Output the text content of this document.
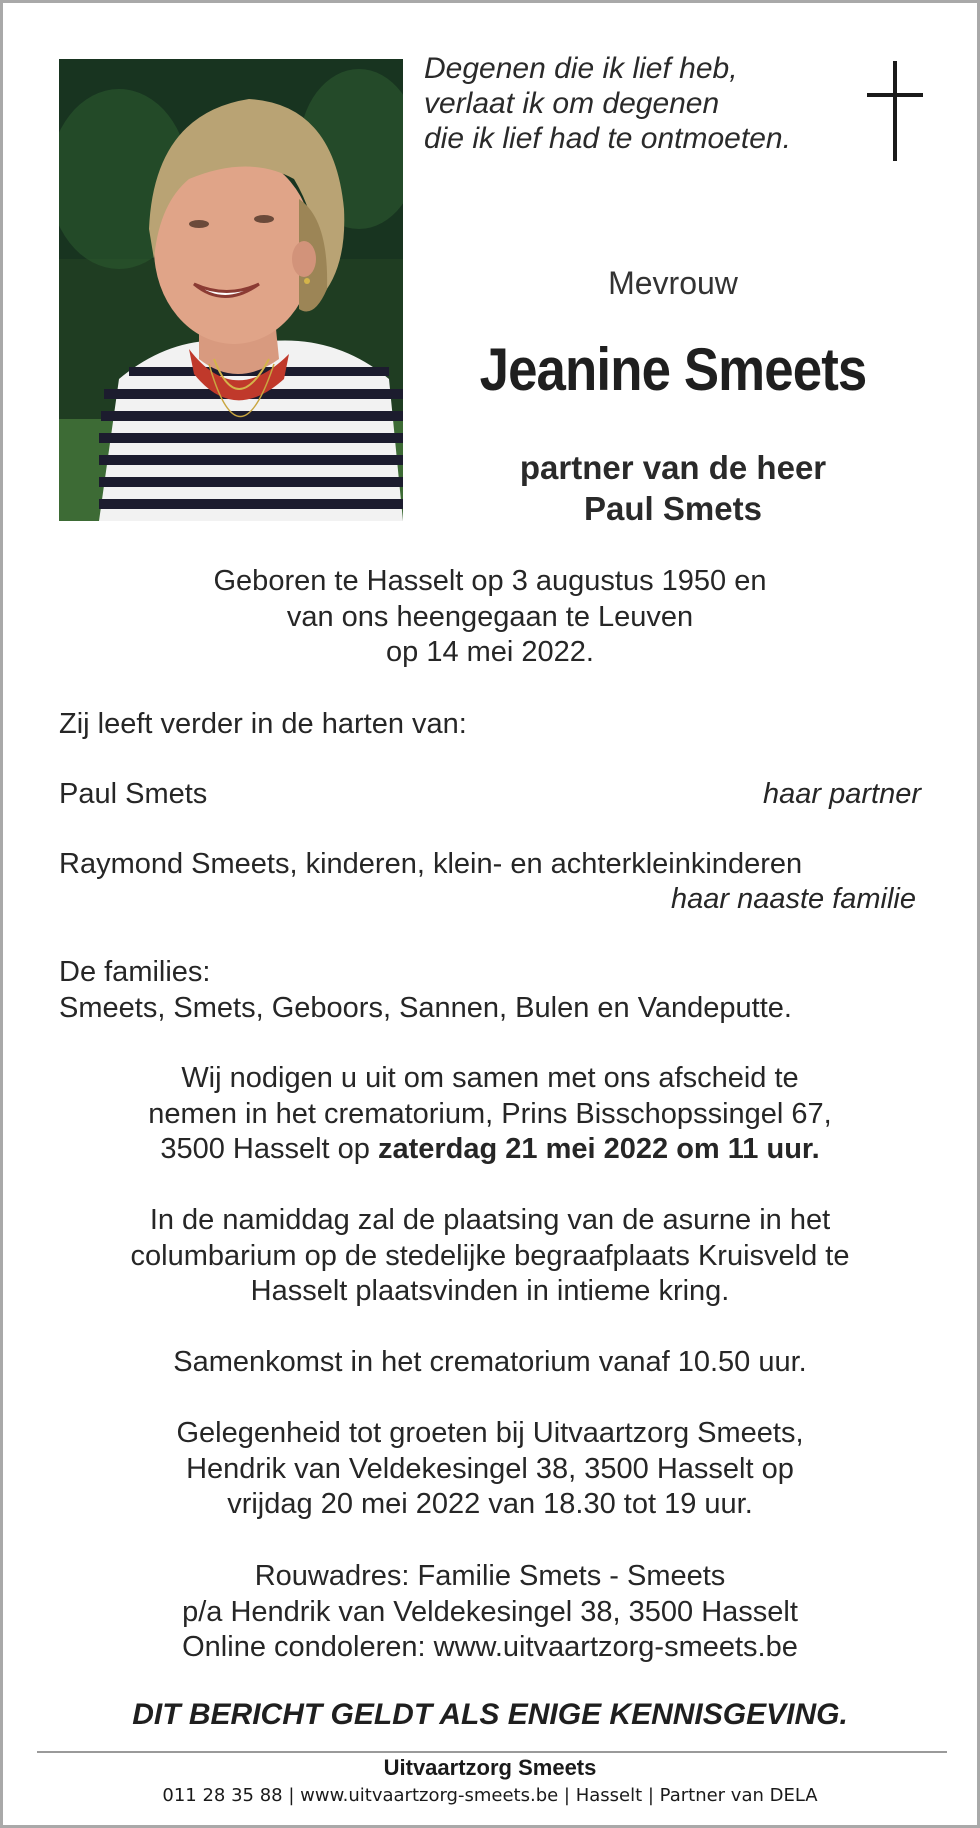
Degenen die ik lief heb,
verlaat ik om degenen
die ik lief had te ontmoeten.
Mevrouw
Jeanine Smeets
partner van de heer
Paul Smets
Geboren te Hasselt op 3 augustus 1950 en
van ons heengegaan te Leuven
op 14 mei 2022.
Zij leeft verder in de harten van:
Paul Smets	haar partner
Raymond Smeets, kinderen, klein- en achterkleinkinderen
haar naaste familie
De families:
Smeets, Smets, Geboors, Sannen, Bulen en Vandeputte.
Wij nodigen u uit om samen met ons afscheid te
nemen in het crematorium, Prins Bisschopssingel 67,
3500 Hasselt op zaterdag 21 mei 2022 om 11 uur.
In de namiddag zal de plaatsing van de asurne in het
columbarium op de stedelijke begraafplaats Kruisveld te
Hasselt plaatsvinden in intieme kring.
Samenkomst in het crematorium vanaf 10.50 uur.
Gelegenheid tot groeten bij Uitvaartzorg Smeets,
Hendrik van Veldekesingel 38, 3500 Hasselt op
vrijdag 20 mei 2022 van 18.30 tot 19 uur.
Rouwadres: Familie Smets - Smeets
p/a Hendrik van Veldekesingel 38, 3500 Hasselt
Online condoleren: www.uitvaartzorg-smeets.be
DIT BERICHT GELDT ALS ENIGE KENNISGEVING.
Uitvaartzorg Smeets
011 28 35 88 | www.uitvaartzorg-smeets.be | Hasselt | Partner van DELA
